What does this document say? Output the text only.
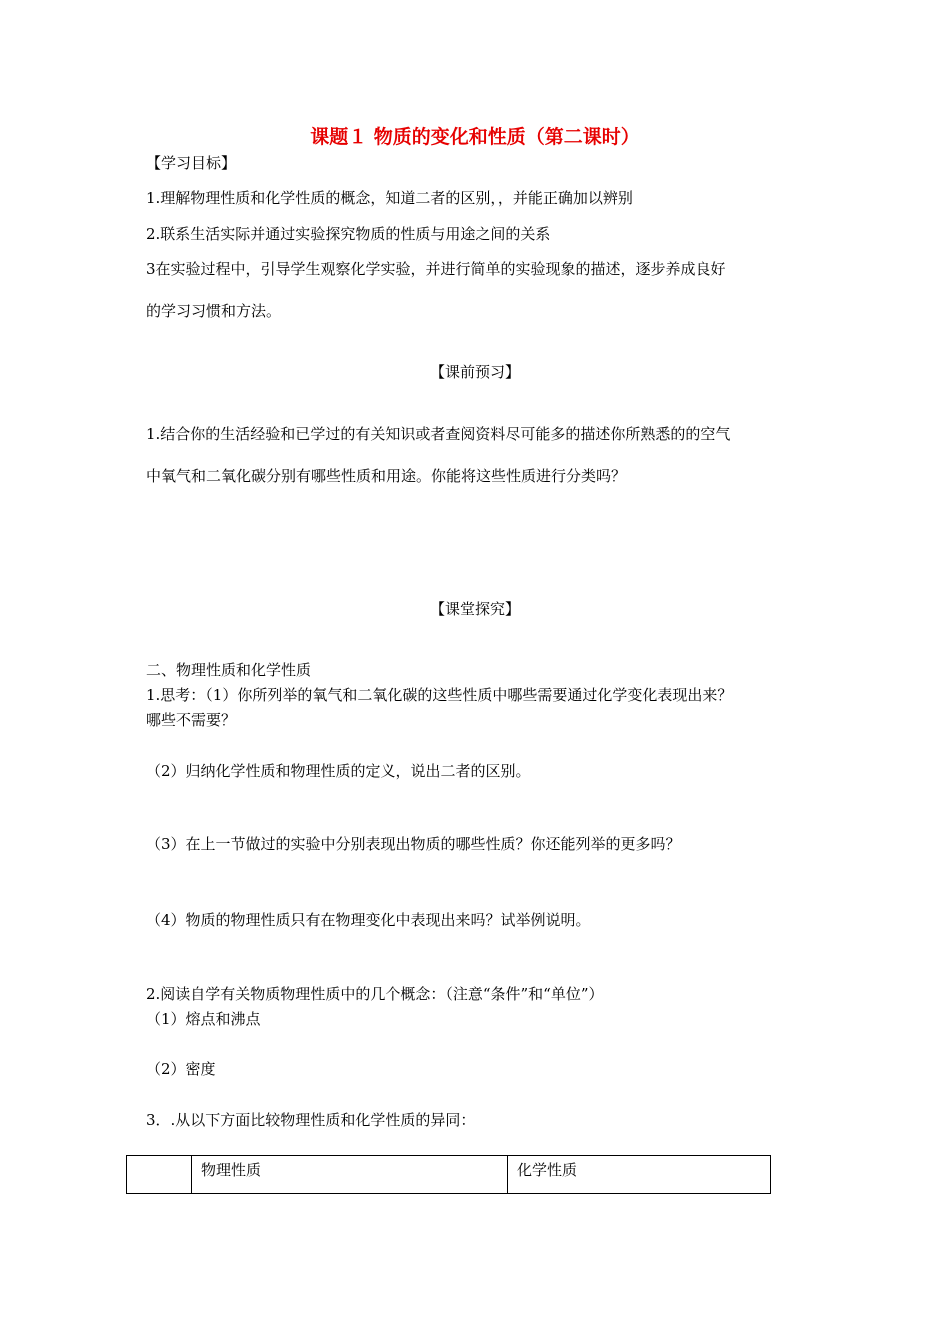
课题１ 物质的变化和性质（第二课时）

【学习目标】

1.理解物理性质和化学性质的概念，知道二者的区别，，并能正确加以辨别

2.联系生活实际并通过实验探究物质的性质与用途之间的关系

3在实验过程中，引导学生观察化学实验，并进行简单的实验现象的描述，逐步养成良好

的学习习惯和方法。

【课前预习】

1.结合你的生活经验和已学过的有关知识或者查阅资料尽可能多的描述你所熟悉的的空气

中氧气和二氧化碳分别有哪些性质和用途。你能将这些性质进行分类吗？

【课堂探究】

二、物理性质和化学性质

1.思考：（1）你所列举的氧气和二氧化碳的这些性质中哪些需要通过化学变化表现出来？

哪些不需要？

（2）归纳化学性质和物理性质的定义，说出二者的区别。

（3）在上一节做过的实验中分别表现出物质的哪些性质？你还能列举的更多吗？

（4）物质的物理性质只有在物理变化中表现出来吗？试举例说明。

2.阅读自学有关物质物理性质中的几个概念：（注意“条件”和“单位”）

（1）熔点和沸点

（2）密度

3．.从以下方面比较物理性质和化学性质的异同：

	物理性质	化学性质
